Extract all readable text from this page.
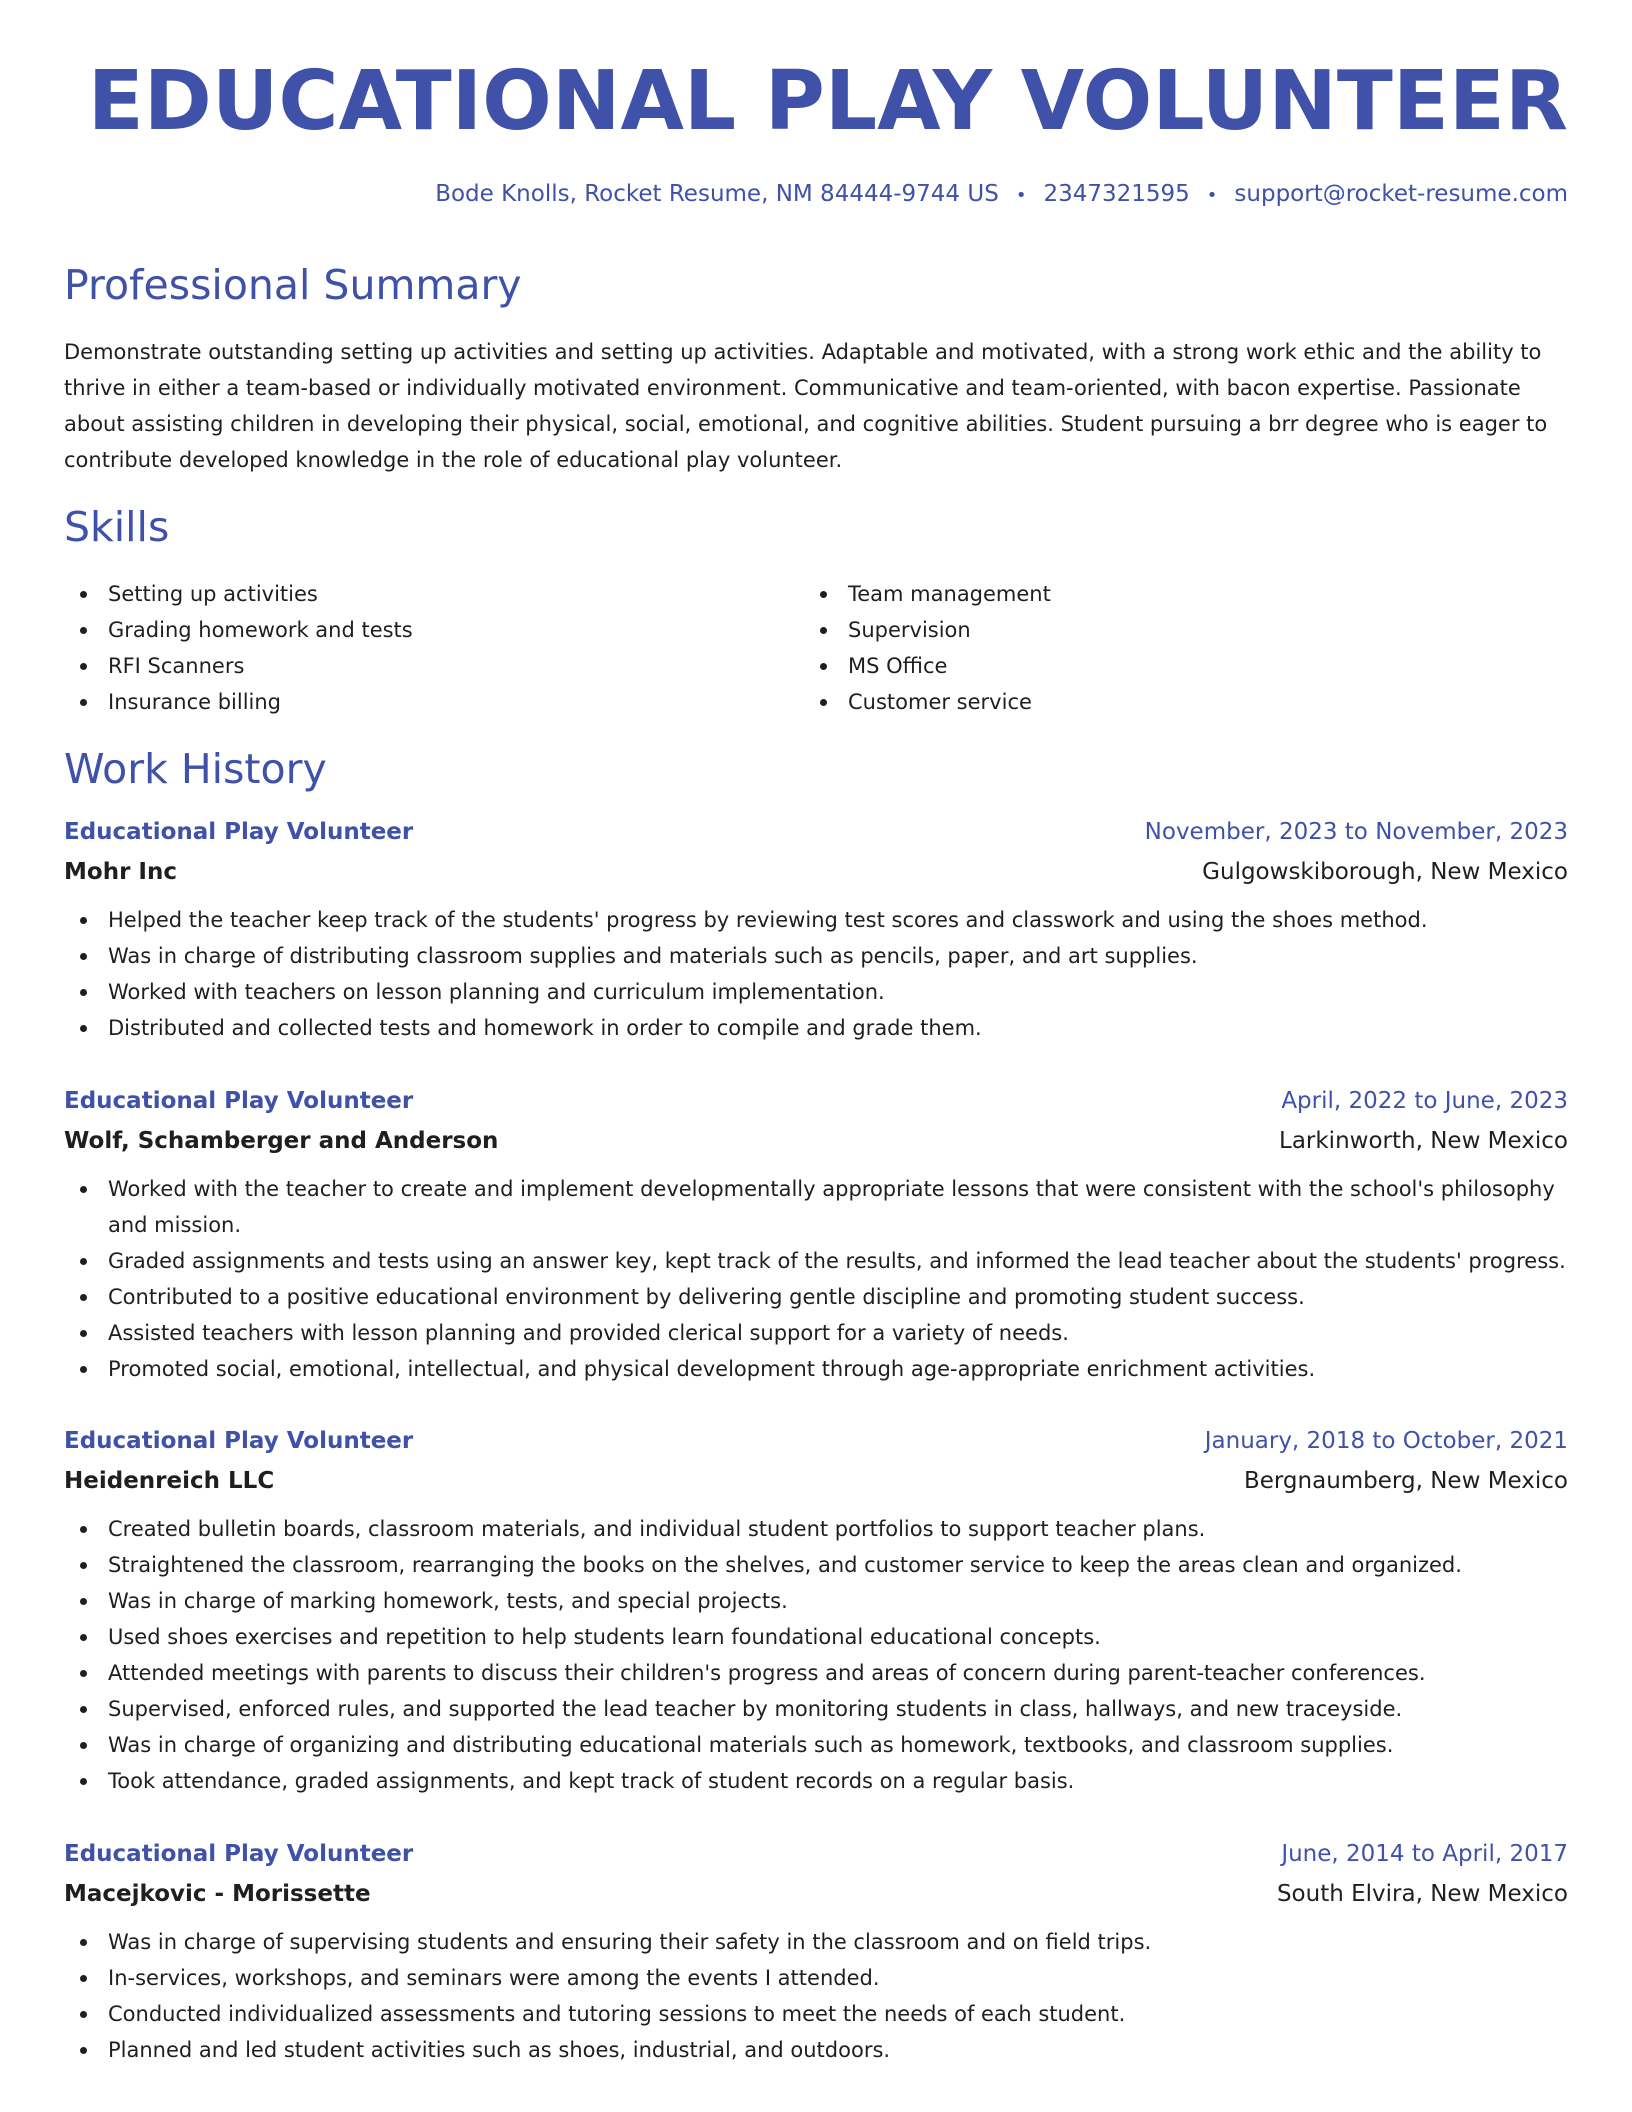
EDUCATIONAL PLAY VOLUNTEER
Bode Knolls, Rocket Resume, NM 84444-9744 US • 2347321595 • support@rocket-resume.com
Professional Summary

Demonstrate outstanding setting up activities and setting up activities. Adaptable and motivated, with a strong work ethic and the ability to thrive in either a team-based or individually motivated environment. Communicative and team-oriented, with bacon expertise. Passionate about assisting children in developing their physical, social, emotional, and cognitive abilities. Student pursuing a brr degree who is eager to contribute developed knowledge in the role of educational play volunteer.

Skills
Setting up activities
Grading homework and tests
RFI Scanners
Insurance billing
Team management
Supervision
MS Office
Customer service
Work History
Educational Play Volunteer	November, 2023 to November, 2023
Mohr Inc	Gulgowskiborough, New Mexico
Helped the teacher keep track of the students' progress by reviewing test scores and classwork and using the shoes method.
Was in charge of distributing classroom supplies and materials such as pencils, paper, and art supplies.
Worked with teachers on lesson planning and curriculum implementation.
Distributed and collected tests and homework in order to compile and grade them.
Educational Play Volunteer	April, 2022 to June, 2023
Wolf, Schamberger and Anderson	Larkinworth, New Mexico
Worked with the teacher to create and implement developmentally appropriate lessons that were consistent with the school's philosophy and mission.
Graded assignments and tests using an answer key, kept track of the results, and informed the lead teacher about the students' progress.
Contributed to a positive educational environment by delivering gentle discipline and promoting student success.
Assisted teachers with lesson planning and provided clerical support for a variety of needs.
Promoted social, emotional, intellectual, and physical development through age-appropriate enrichment activities.
Educational Play Volunteer	January, 2018 to October, 2021
Heidenreich LLC	Bergnaumberg, New Mexico
Created bulletin boards, classroom materials, and individual student portfolios to support teacher plans.
Straightened the classroom, rearranging the books on the shelves, and customer service to keep the areas clean and organized.
Was in charge of marking homework, tests, and special projects.
Used shoes exercises and repetition to help students learn foundational educational concepts.
Attended meetings with parents to discuss their children's progress and areas of concern during parent-teacher conferences.
Supervised, enforced rules, and supported the lead teacher by monitoring students in class, hallways, and new traceyside.
Was in charge of organizing and distributing educational materials such as homework, textbooks, and classroom supplies.
Took attendance, graded assignments, and kept track of student records on a regular basis.
Educational Play Volunteer	June, 2014 to April, 2017
Macejkovic - Morissette	South Elvira, New Mexico
Was in charge of supervising students and ensuring their safety in the classroom and on field trips.
In-services, workshops, and seminars were among the events I attended.
Conducted individualized assessments and tutoring sessions to meet the needs of each student.
Planned and led student activities such as shoes, industrial, and outdoors.
